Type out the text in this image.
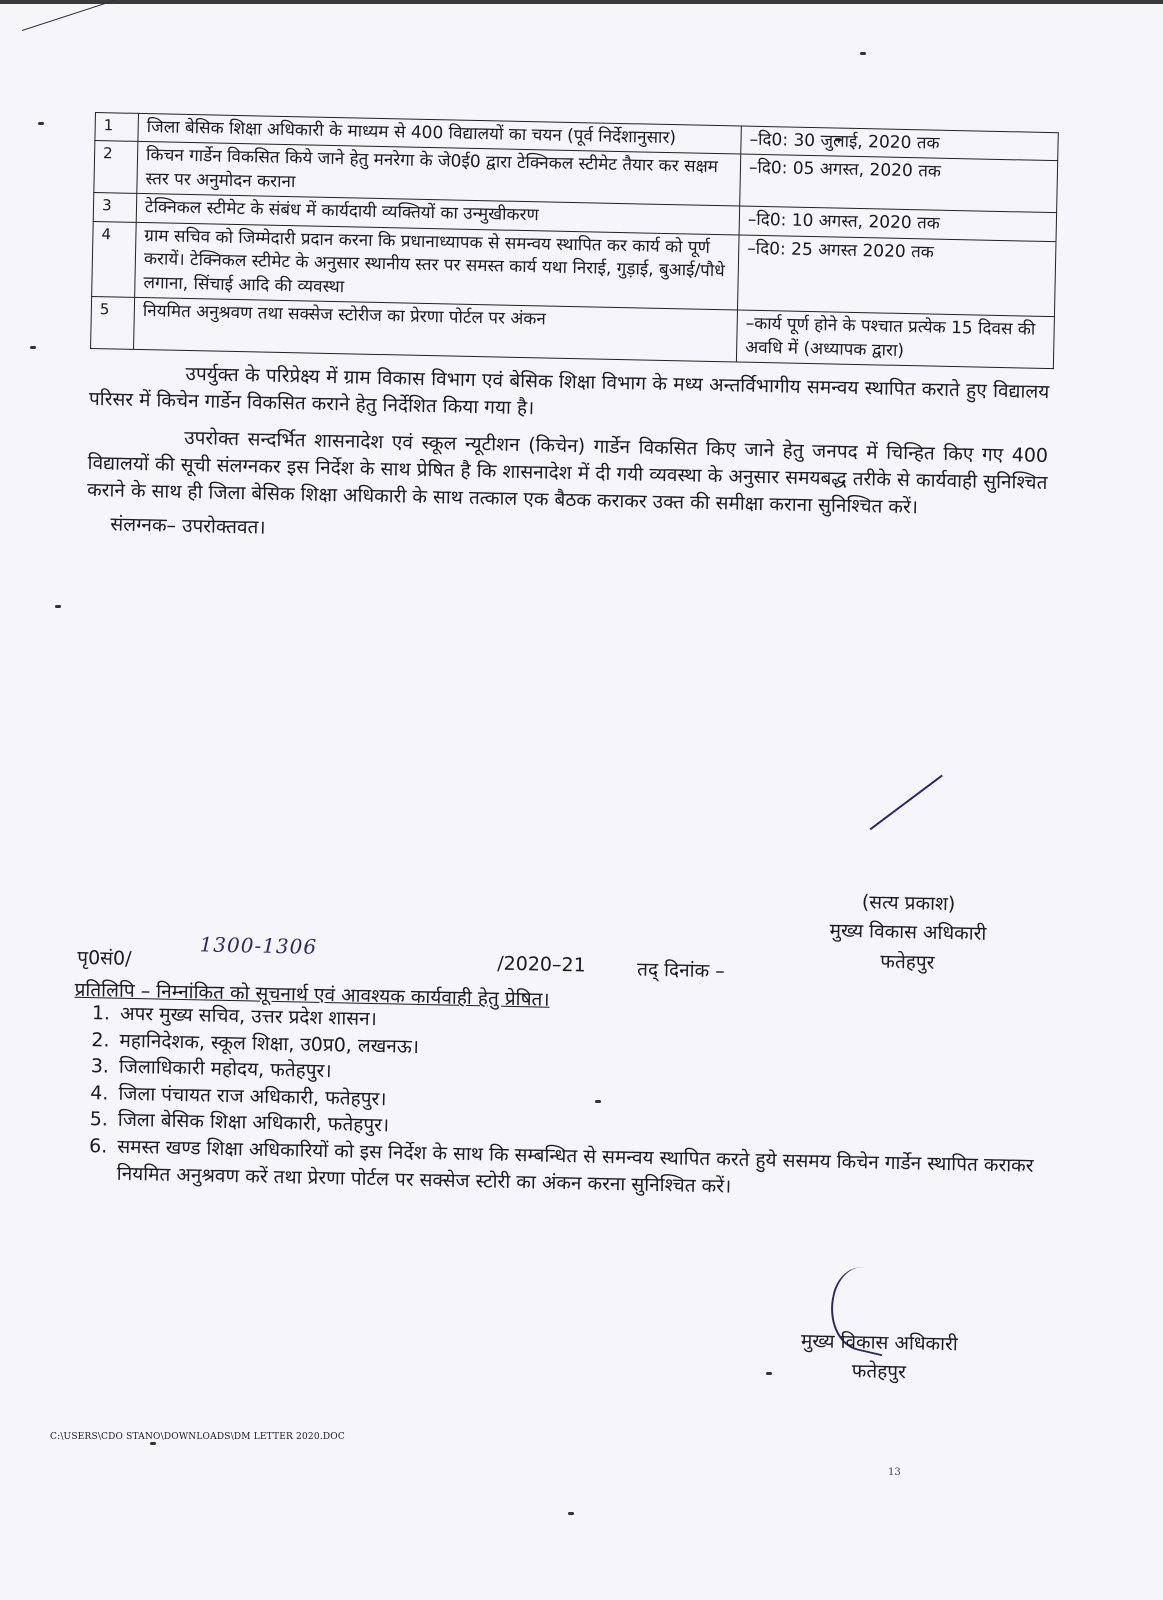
1	जिला बेसिक शिक्षा अधिकारी के माध्यम से 400 विद्यालयों का चयन (पूर्व निर्देशानुसार)	–दि0: 30 जुलाई, 2020 तक
2	किचन गार्डेन विकसित किये जाने हेतु मनरेगा के जे0ई0 द्वारा टेक्निकल स्टीमेट तैयार कर सक्षम स्तर पर अनुमोदन कराना	–दि0: 05 अगस्त, 2020 तक
3	टेक्निकल स्टीमेट के संबंध में कार्यदायी व्यक्तियों का उन्मुखीकरण	–दि0: 10 अगस्त, 2020 तक
4	ग्राम सचिव को जिम्मेदारी प्रदान करना कि प्रधानाध्यापक से समन्वय स्थापित कर कार्य को पूर्ण करायें। टेक्निकल स्टीमेट के अनुसार स्थानीय स्तर पर समस्त कार्य यथा निराई, गुड़ाई, बुआई/पौधे लगाना, सिंचाई आदि की व्यवस्था	–दि0: 25 अगस्त 2020 तक
5	नियमित अनुश्रवण तथा सक्सेज स्टोरीज का प्रेरणा पोर्टल पर अंकन	–कार्य पूर्ण होने के पश्चात प्रत्येक 15 दिवस की अवधि में (अध्यापक द्वारा)

उपर्युक्त के परिप्रेक्ष्य में ग्राम विकास विभाग एवं बेसिक शिक्षा विभाग के मध्य अन्तर्विभागीय समन्वय स्थापित कराते हुए विद्यालय परिसर में किचेन गार्डेन विकसित कराने हेतु निर्देशित किया गया है।

उपरोक्त सन्दर्भित शासनादेश एवं स्कूल न्यूटीशन (किचेन) गार्डेन विकसित किए जाने हेतु जनपद में चिन्हित किए गए 400 विद्यालयों की सूची संलग्नकर इस निर्देश के साथ प्रेषित है कि शासनादेश में दी गयी व्यवस्था के अनुसार समयबद्ध तरीके से कार्यवाही सुनिश्चित कराने के साथ ही जिला बेसिक शिक्षा अधिकारी के साथ तत्काल एक बैठक कराकर उक्त की समीक्षा कराना सुनिश्चित करें।

संलग्नक– उपरोक्तवत।
(सत्य प्रकाश)
मुख्य विकास अधिकारी
फतेहपुर
पृ0सं0/	1300-1306
/2020–21	तद् दिनांक –
प्रतिलिपि – निम्नांकित को सूचनार्थ एवं आवश्यक कार्यवाही हेतु प्रेषित।
1. अपर मुख्य सचिव, उत्तर प्रदेश शासन।
2. महानिदेशक, स्कूल शिक्षा, उ0प्र0, लखनऊ।
3. जिलाधिकारी महोदय, फतेहपुर।
4. जिला पंचायत राज अधिकारी, फतेहपुर।
5. जिला बेसिक शिक्षा अधिकारी, फतेहपुर।
6. समस्त खण्ड शिक्षा अधिकारियों को इस निर्देश के साथ कि सम्बन्धित से समन्वय स्थापित करते हुये ससमय किचेन गार्डेन स्थापित कराकर नियमित अनुश्रवण करें तथा प्रेरणा पोर्टल पर सक्सेज स्टोरी का अंकन करना सुनिश्चित करें।
मुख्य विकास अधिकारी
फतेहपुर
C:\USERS\CDO STANO\DOWNLOADS\DM LETTER 2020.DOC
13
